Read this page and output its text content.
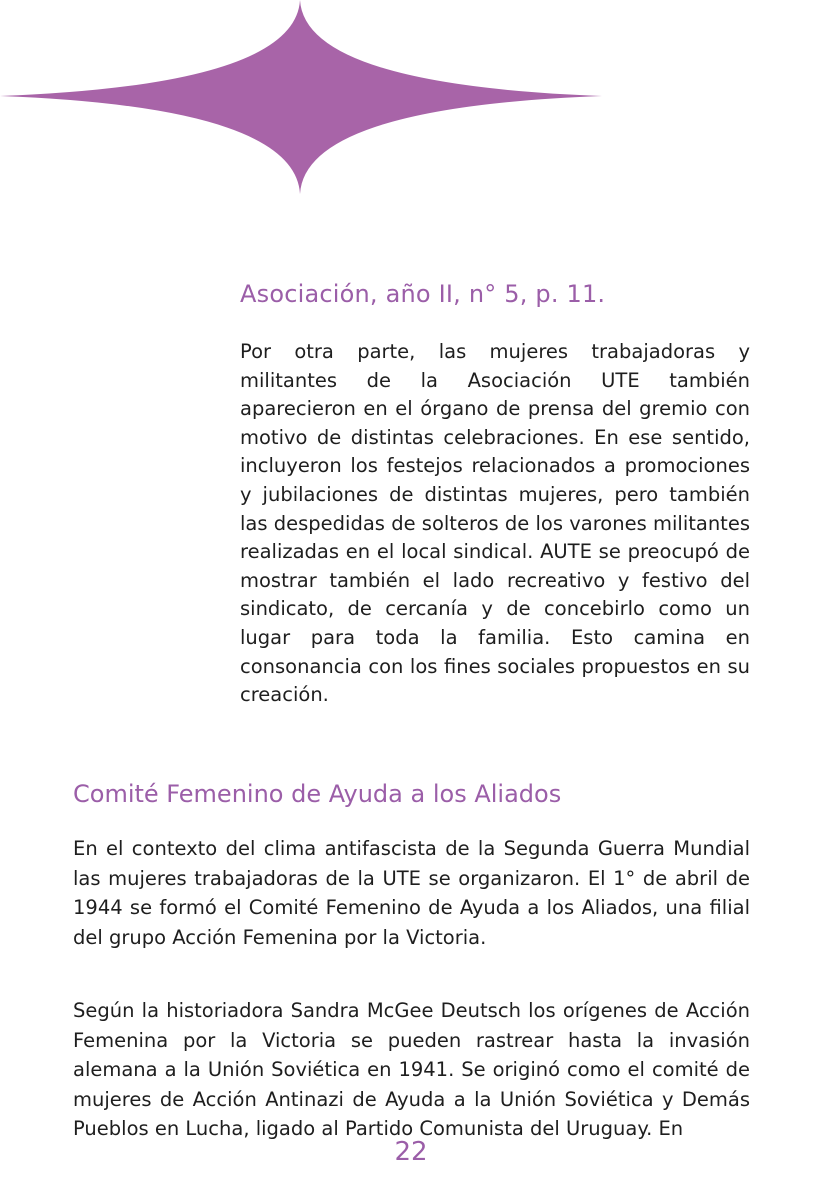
Asociación, año II, n° 5, p. 11.

Por otra parte, las mujeres trabajadoras y militantes de la Asociación UTE también aparecieron en el órgano de prensa del gremio con motivo de distintas celebraciones. En ese sentido, incluyeron los festejos relacionados a promociones y jubilaciones de distintas mujeres, pero también las despedidas de solteros de los varones militantes realizadas en el local sindical. AUTE se preocupó de mostrar también el lado recreativo y festivo del sindicato, de cercanía y de concebirlo como un lugar para toda la familia. Esto camina en consonancia con los fines sociales propuestos en su creación.

Comité Femenino de Ayuda a los Aliados

En el contexto del clima antifascista de la Segunda Guerra Mundial las mujeres trabajadoras de la UTE se organizaron. El 1° de abril de 1944 se formó el Comité Femenino de Ayuda a los Aliados, una filial del grupo Acción Femenina por la Victoria.

Según la historiadora Sandra McGee Deutsch los orígenes de Acción Femenina por la Victoria se pueden rastrear hasta la invasión alemana a la Unión Soviética en 1941. Se originó como el comité de mujeres de Acción Antinazi de Ayuda a la Unión Soviética y Demás Pueblos en Lucha, ligado al Partido Comunista del Uruguay. En

22
